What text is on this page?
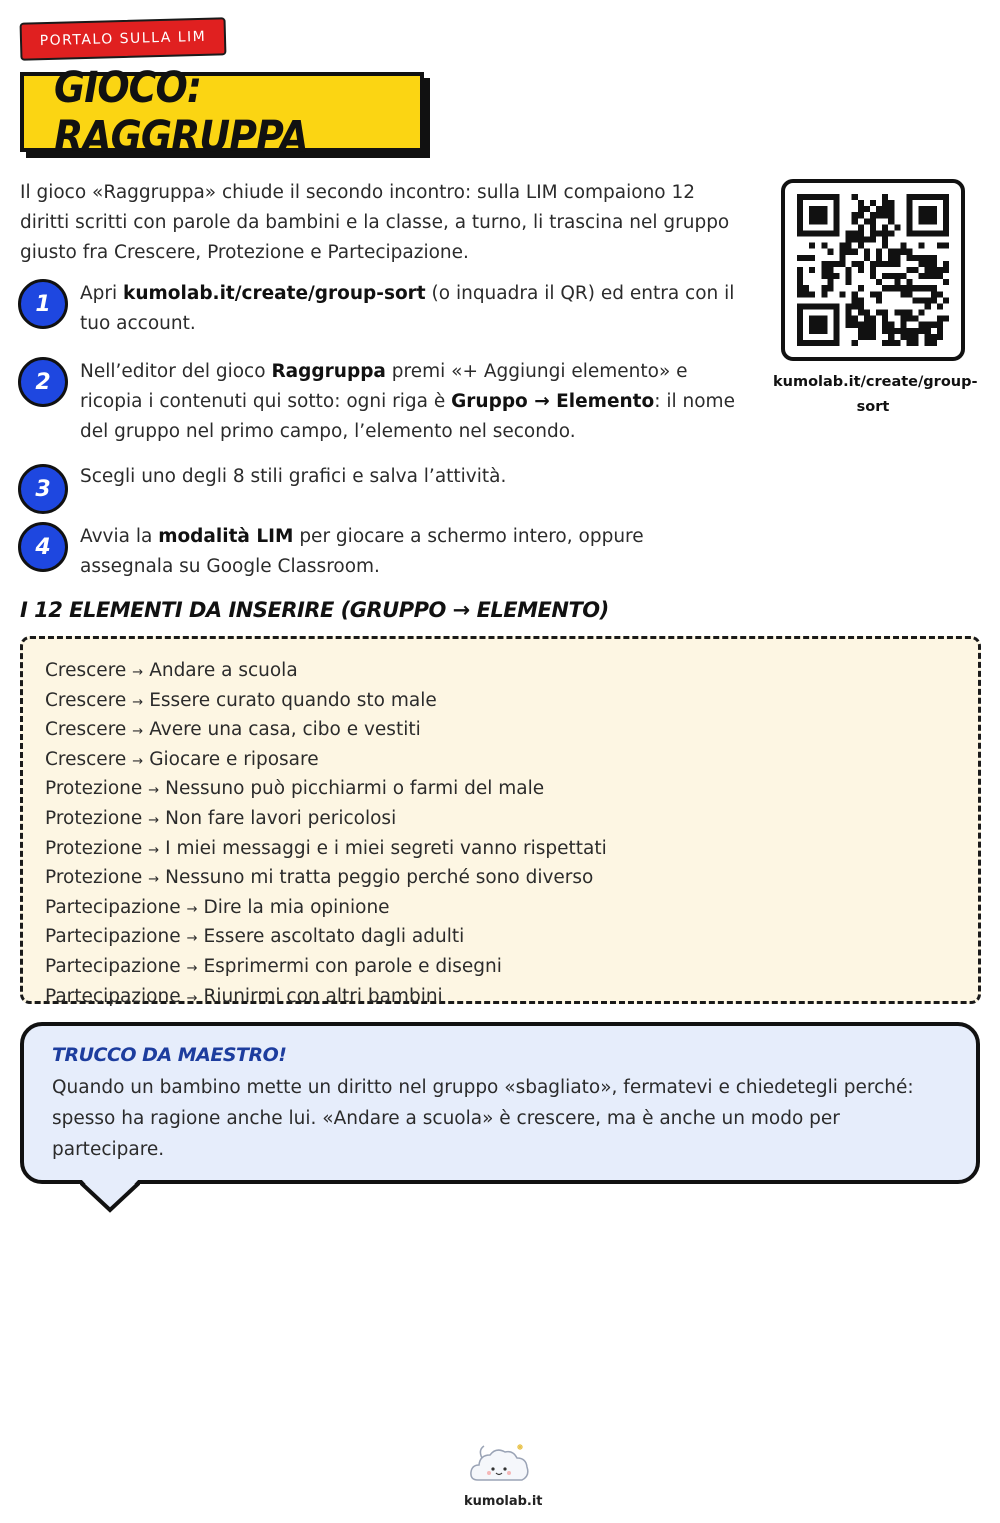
PORTALO SULLA LIM
GIOCO: RAGGRUPPA

Il gioco «Raggruppa» chiude il secondo incontro: sulla LIM compaiono 12 diritti scritti con parole da bambini e la classe, a turno, li trascina nel gruppo giusto fra Crescere, Protezione e Partecipazione.

1	Apri kumolab.it/create/group-sort (o inquadra il QR) ed entra con il tuo account.

2	Nell’editor del gioco Raggruppa premi «+ Aggiungi elemento» e ricopia i contenuti qui sotto: ogni riga è Gruppo → Elemento: il nome del gruppo nel primo campo, l’elemento nel secondo.

3	Scegli uno degli 8 stili grafici e salva l’attività.

4	Avvia la modalità LIM per giocare a schermo intero, oppure assegnala su Google Classroom.

kumolab.it/create/group-sort
I 12 ELEMENTI DA INSERIRE (GRUPPO → ELEMENTO)
Crescere → Andare a scuola
Crescere → Essere curato quando sto male
Crescere → Avere una casa, cibo e vestiti
Crescere → Giocare e riposare
Protezione → Nessuno può picchiarmi o farmi del male
Protezione → Non fare lavori pericolosi
Protezione → I miei messaggi e i miei segreti vanno rispettati
Protezione → Nessuno mi tratta peggio perché sono diverso
Partecipazione → Dire la mia opinione
Partecipazione → Essere ascoltato dagli adulti
Partecipazione → Esprimermi con parole e disegni
Partecipazione → Riunirmi con altri bambini
TRUCCO DA MAESTRO!

Quando un bambino mette un diritto nel gruppo «sbagliato», fermatevi e chiedetegli perché: spesso ha ragione anche lui. «Andare a scuola» è crescere, ma è anche un modo per partecipare.

kumolab.it
